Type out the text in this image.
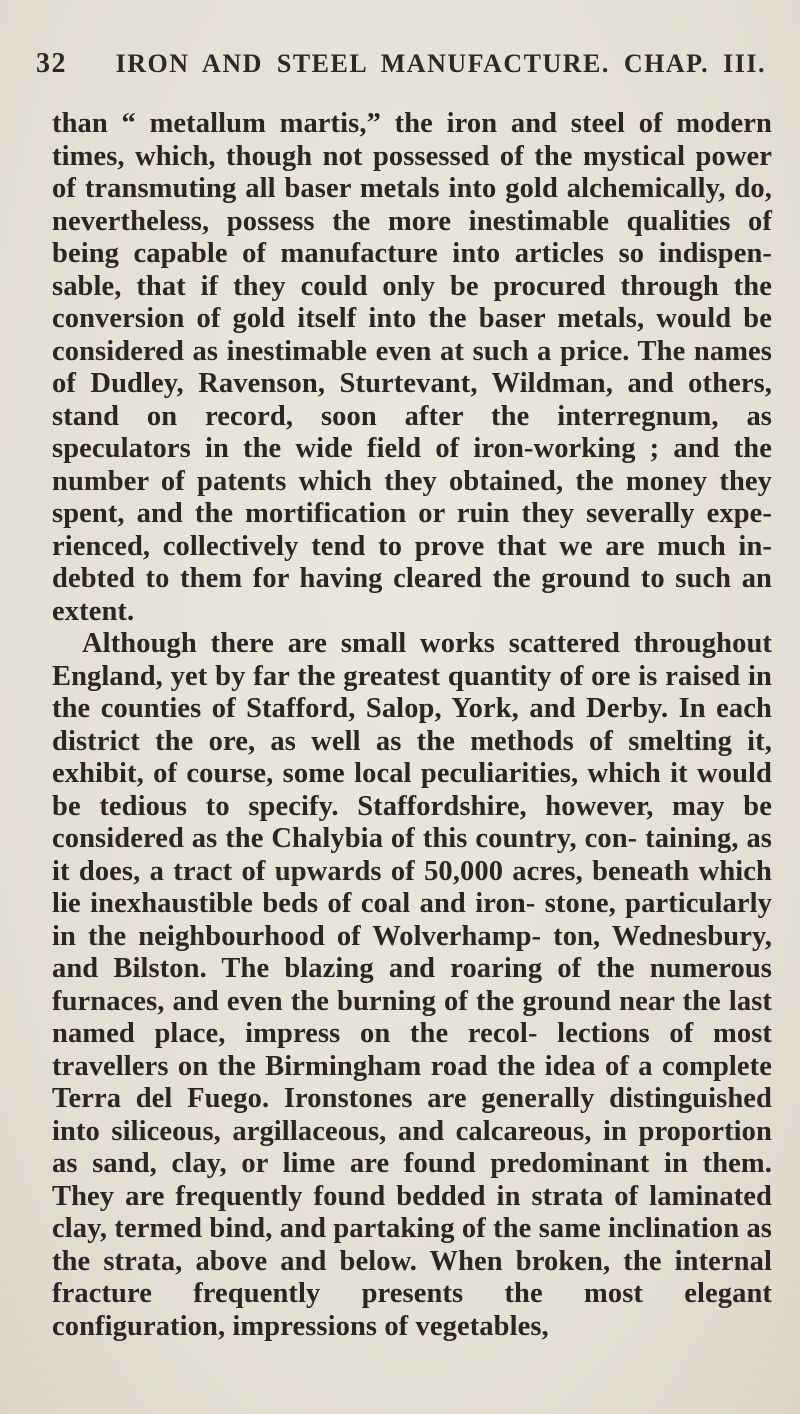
32	IRON AND STEEL MANUFACTURE. CHAP. III.

than “ metallum martis,” the iron and steel of modern times, which, though not possessed of the mystical power of transmuting all baser metals into gold alchemically, do, nevertheless, possess the more inestimable qualities of being capable of manufacture into articles so indispen- sable, that if they could only be procured through the conversion of gold itself into the baser metals, would be considered as inestimable even at such a price. The names of Dudley, Ravenson, Sturtevant, Wildman, and others, stand on record, soon after the interregnum, as speculators in the wide field of iron-working ; and the number of patents which they obtained, the money they spent, and the mortification or ruin they severally expe- rienced, collectively tend to prove that we are much in- debted to them for having cleared the ground to such an extent.

Although there are small works scattered throughout England, yet by far the greatest quantity of ore is raised in the counties of Stafford, Salop, York, and Derby. In each district the ore, as well as the methods of smelting it, exhibit, of course, some local peculiarities, which it would be tedious to specify. Staffordshire, however, may be considered as the Chalybia of this country, con- taining, as it does, a tract of upwards of 50,000 acres, beneath which lie inexhaustible beds of coal and iron- stone, particularly in the neighbourhood of Wolverhamp- ton, Wednesbury, and Bilston. The blazing and roaring of the numerous furnaces, and even the burning of the ground near the last named place, impress on the recol- lections of most travellers on the Birmingham road the idea of a complete Terra del Fuego. Ironstones are generally distinguished into siliceous, argillaceous, and calcareous, in proportion as sand, clay, or lime are found predominant in them. They are frequently found bedded in strata of laminated clay, termed bind, and partaking of the same inclination as the strata, above and below. When broken, the internal fracture frequently presents the most elegant configuration, impressions of vegetables,
